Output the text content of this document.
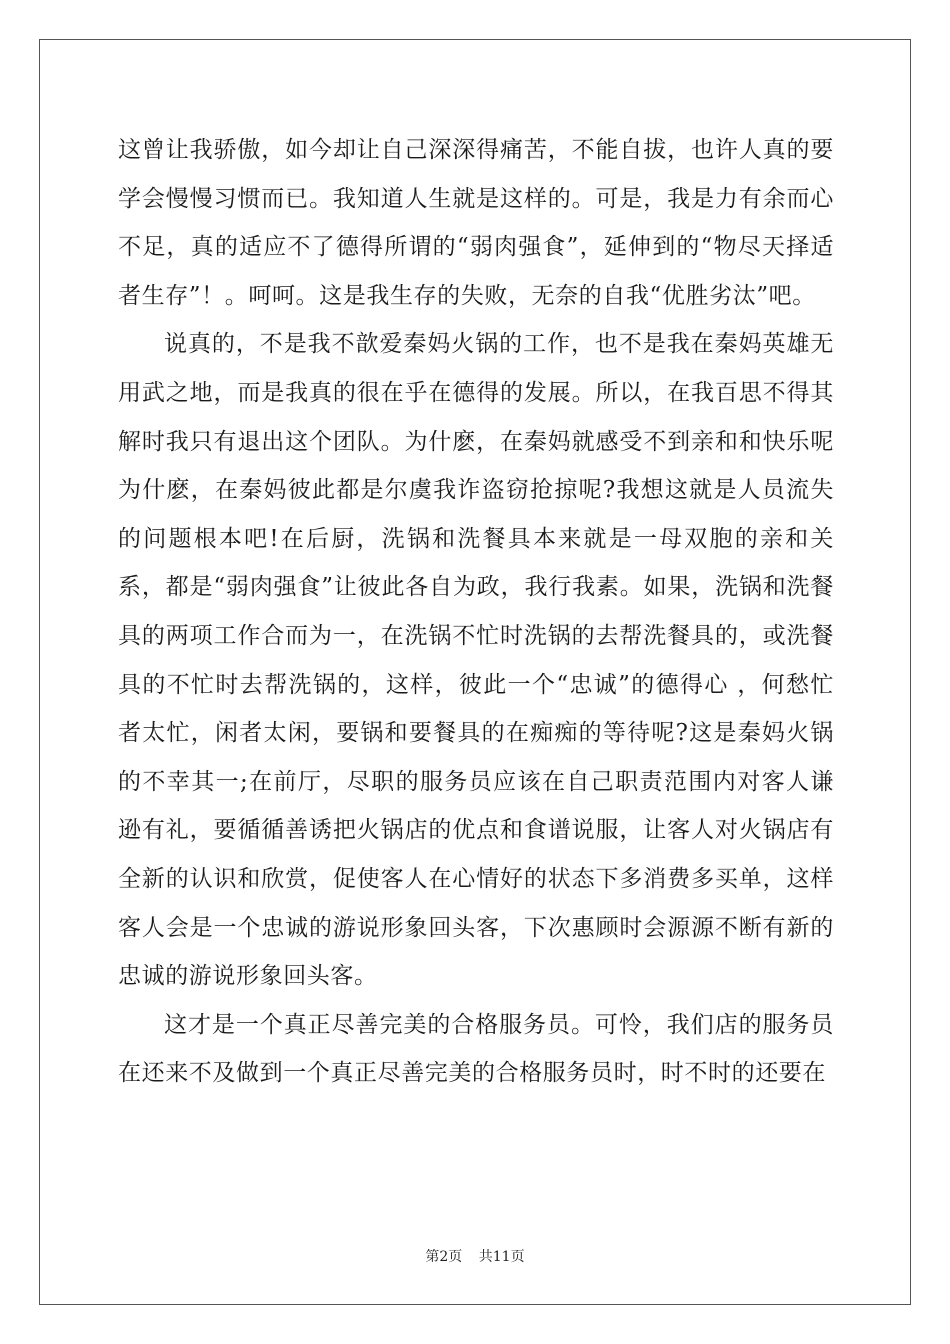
这曾让我骄傲，如今却让自己深深得痛苦，不能自拔，也许人真的要学会慢慢习惯而已。我知道人生就是这样的。可是，我是力有余而心不足，真的适应不了德得所谓的“弱肉强食”，延伸到的“物尽天择适者生存”！。呵呵。这是我生存的失败，无奈的自我“优胜劣汰”吧。

说真的，不是我不歆爱秦妈火锅的工作，也不是我在秦妈英雄无用武之地，而是我真的很在乎在德得的发展。所以，在我百思不得其解时我只有退出这个团队。为什麽，在秦妈就感受不到亲和和快乐呢为什麽，在秦妈彼此都是尔虞我诈盗窃抢掠呢?我想这就是人员流失的问题根本吧!在后厨，洗锅和洗餐具本来就是一母双胞的亲和关系，都是“弱肉强食”让彼此各自为政，我行我素。如果，洗锅和洗餐具的两项工作合而为一，在洗锅不忙时洗锅的去帮洗餐具的，或洗餐具的不忙时去帮洗锅的，这样，彼此一个“忠诚”的德得心 ，何愁忙者太忙，闲者太闲，要锅和要餐具的在痴痴的等待呢?这是秦妈火锅的不幸其一;在前厅，尽职的服务员应该在自己职责范围内对客人谦逊有礼，要循循善诱把火锅店的优点和食谱说服，让客人对火锅店有全新的认识和欣赏，促使客人在心情好的状态下多消费多买单，这样客人会是一个忠诚的游说形象回头客，下次惠顾时会源源不断有新的忠诚的游说形象回头客。

这才是一个真正尽善完美的合格服务员。可怜，我们店的服务员在还来不及做到一个真正尽善完美的合格服务员时，时不时的还要在

第2页 共11页
